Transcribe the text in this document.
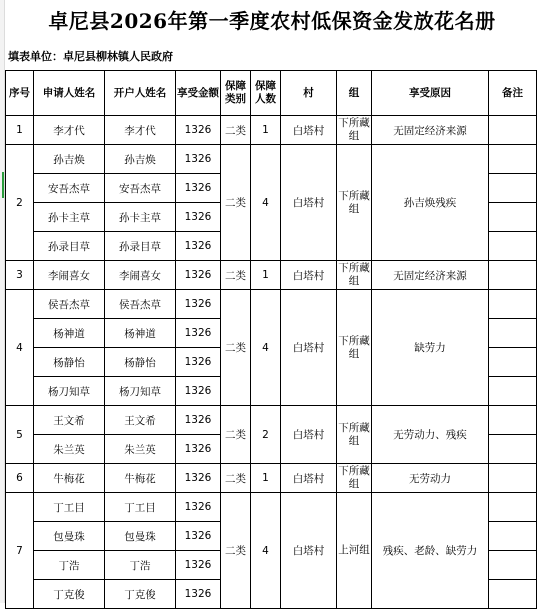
卓尼县2026年第一季度农村低保资金发放花名册
填表单位：卓尼县柳林镇人民政府
序号	申请人姓名	开户人姓名	享受金额	保障类别	保障人数	村	组	享受原因	备注
1	李才代	李才代	1326	二类	1	白塔村	下所藏组	无固定经济来源	
2	孙吉焕	孙吉焕	1326	二类	4	白塔村	下所藏组	孙吉焕残疾	
	安吾杰草	安吾杰草	1326						
	孙卡主草	孙卡主草	1326						
	孙录目草	孙录目草	1326						
3	李闹喜女	李闹喜女	1326	二类	1	白塔村	下所藏组	无固定经济来源	
4	侯吾杰草	侯吾杰草	1326	二类	4	白塔村	下所藏组	缺劳力	
	杨神道	杨神道	1326						
	杨静怡	杨静怡	1326						
	杨刀知草	杨刀知草	1326						
5	王文希	王文希	1326	二类	2	白塔村	下所藏组	无劳动力、残疾	
	朱兰英	朱兰英	1326						
6	牛梅花	牛梅花	1326	二类	1	白塔村	下所藏组	无劳动力	
7	丁工目	丁工目	1326	二类	4	白塔村	上河组	残疾、老龄、缺劳力	
	包曼珠	包曼珠	1326						
	丁浩	丁浩	1326						
	丁克俊	丁克俊	1326						
